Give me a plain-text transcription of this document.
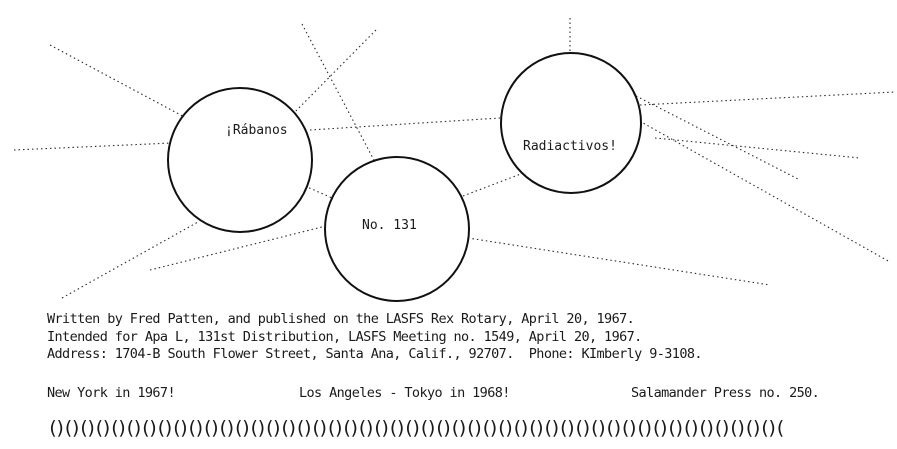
¡Rábanos
Radiactivos!
No. 131
Written by Fred Patten, and published on the LASFS Rex Rotary, April 20, 1967.
Intended for Apa L, 131st Distribution, LASFS Meeting no. 1549, April 20, 1967.
Address: 1704-B South Flower Street, Santa Ana, Calif., 92707.  Phone: KImberly 9-3108.
New York in 1967!	Los Angeles - Tokyo in 1968!	Salamander Press no. 250.
()()()()()()()()()()()()()()()()()()()()()()()()()()()()()()()()()()()()()()()()()()()()()()()(
